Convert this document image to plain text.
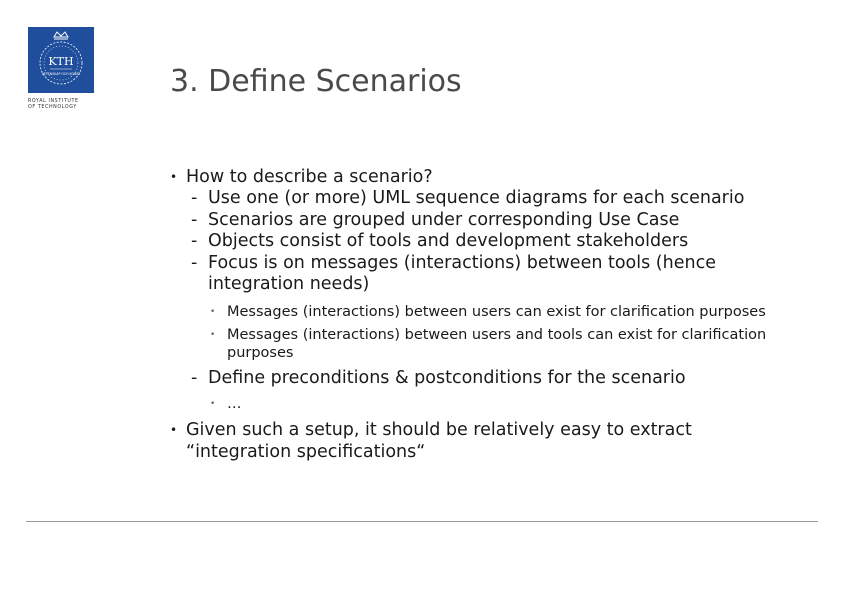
KTH
VETENSKAP OCH KONST
ROYAL INSTITUTE
OF TECHNOLOGY
3. Define Scenarios
• How to describe a scenario?
- Use one (or more) UML sequence diagrams for each scenario
- Scenarios are grouped under corresponding Use Case
- Objects consist of tools and development stakeholders
- Focus is on messages (interactions) between tools (hence integration needs)
• Messages (interactions) between users can exist for clarification purposes
• Messages (interactions) between users and tools can exist for clarification purposes
- Define preconditions & postconditions for the scenario
• …
• Given such a setup, it should be relatively easy to extract “integration specifications“
